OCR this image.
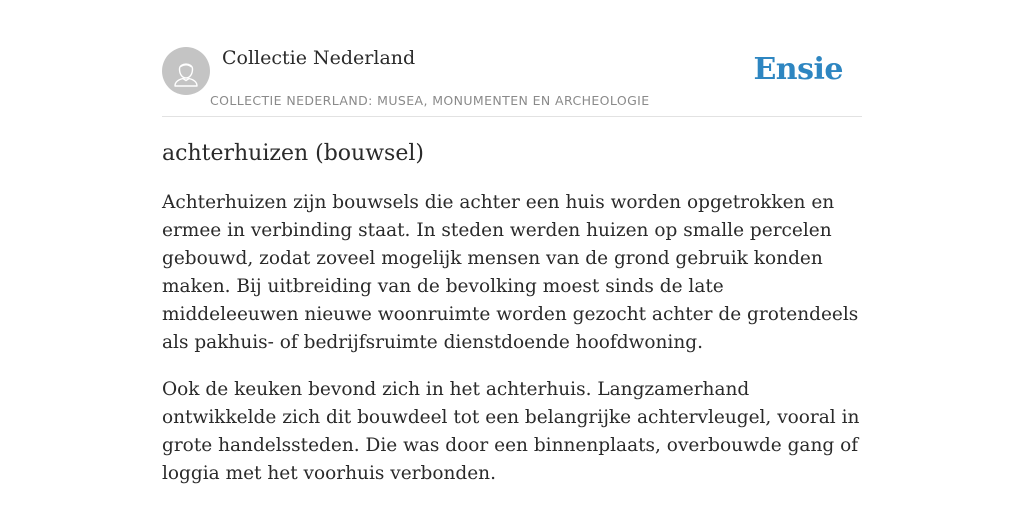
Collectie Nederland
COLLECTIE NEDERLAND: MUSEA, MONUMENTEN EN ARCHEOLOGIE
Ensie
achterhuizen (bouwsel)

Achterhuizen zijn bouwsels die achter een huis worden opgetrokken en ermee in verbinding staat. In steden werden huizen op smalle percelen gebouwd, zodat zoveel mogelijk mensen van de grond gebruik konden maken. Bij uitbreiding van de bevolking moest sinds de late middeleeuwen nieuwe woonruimte worden gezocht achter de grotendeels als pakhuis- of bedrijfsruimte dienstdoende hoofdwoning.

Ook de keuken bevond zich in het achterhuis. Langzamerhand ontwikkelde zich dit bouwdeel tot een belangrijke achtervleugel, vooral in grote handelssteden. Die was door een binnenplaats, overbouwde gang of loggia met het voorhuis verbonden.
